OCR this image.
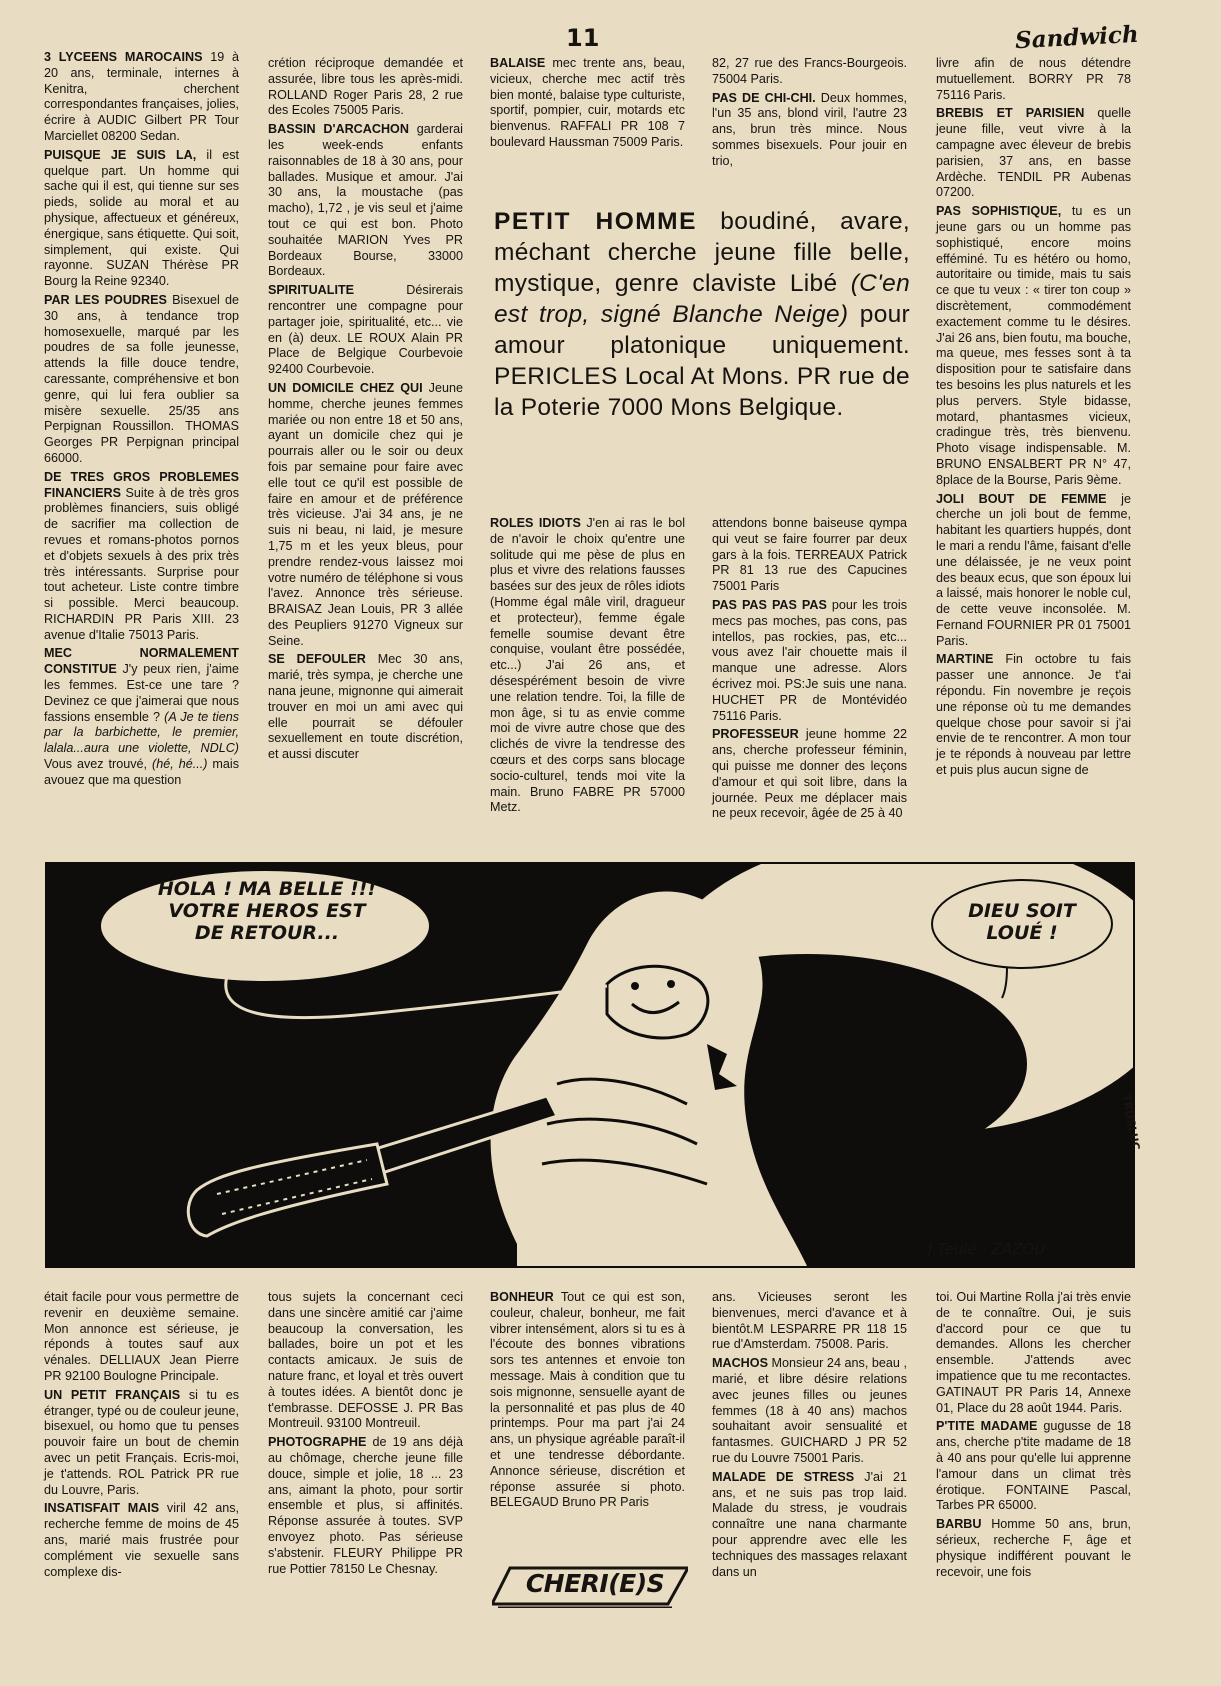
11	Sandwich

3 LYCEENS MAROCAINS 19 à 20 ans, terminale, internes à Kenitra, cherchent correspondantes françaises, jolies, écrire à AUDIC Gilbert PR Tour Marciellet 08200 Sedan.

PUISQUE JE SUIS LA, il est quelque part. Un homme qui sache qui il est, qui tienne sur ses pieds, solide au moral et au physique, affectueux et généreux, énergique, sans étiquette. Qui soit, simplement, qui existe. Qui rayonne. SUZAN Thérèse PR Bourg la Reine 92340.

PAR LES POUDRES Bisexuel de 30 ans, à tendance trop homosexuelle, marqué par les poudres de sa folle jeunesse, attends la fille douce tendre, caressante, compréhensive et bon genre, qui lui fera oublier sa misère sexuelle. 25/35 ans Perpignan Roussillon. THOMAS Georges PR Perpignan principal 66000.

DE TRES GROS PROBLEMES FINANCIERS Suite à de très gros problèmes financiers, suis obligé de sacrifier ma collection de revues et romans-photos pornos et d'objets sexuels à des prix très très intéressants. Surprise pour tout acheteur. Liste contre timbre si possible. Merci beaucoup. RICHARDIN PR Paris XIII. 23 avenue d'Italie 75013 Paris.

MEC NORMALEMENT CONSTITUE J'y peux rien, j'aime les femmes. Est-ce une tare ? Devinez ce que j'aimerai que nous fassions ensemble ? (A Je te tiens par la barbichette, le premier, lalala...aura une violette, NDLC) Vous avez trouvé, (hé, hé...) mais avouez que ma question

crétion réciproque demandée et assurée, libre tous les après-midi. ROLLAND Roger Paris 28, 2 rue des Ecoles 75005 Paris.

BASSIN D'ARCACHON garderai les week-ends enfants raisonnables de 18 à 30 ans, pour ballades. Musique et amour. J'ai 30 ans, la moustache (pas macho), 1,72 , je vis seul et j'aime tout ce qui est bon. Photo souhaitée MARION Yves PR Bordeaux Bourse, 33000 Bordeaux.

SPIRITUALITE Désirerais rencontrer une compagne pour partager joie, spiritualité, etc... vie en (à) deux. LE ROUX Alain PR Place de Belgique Courbevoie 92400 Courbevoie.

UN DOMICILE CHEZ QUI Jeune homme, cherche jeunes femmes mariée ou non entre 18 et 50 ans, ayant un domicile chez qui je pourrais aller ou le soir ou deux fois par semaine pour faire avec elle tout ce qu'il est possible de faire en amour et de préférence très vicieuse. J'ai 34 ans, je ne suis ni beau, ni laid, je mesure 1,75 m et les yeux bleus, pour prendre rendez-vous laissez moi votre numéro de téléphone si vous l'avez. Annonce très sérieuse. BRAISAZ Jean Louis, PR 3 allée des Peupliers 91270 Vigneux sur Seine.

SE DEFOULER Mec 30 ans, marié, très sympa, je cherche une nana jeune, mignonne qui aimerait trouver en moi un ami avec qui elle pourrait se défouler sexuellement en toute discrétion, et aussi discuter

BALAISE mec trente ans, beau, vicieux, cherche mec actif très bien monté, balaise type culturiste, sportif, pompier, cuir, motards etc bienvenus. RAFFALI PR 108 7 boulevard Haussman 75009 Paris.

82, 27 rue des Francs-Bourgeois. 75004 Paris.

PAS DE CHI-CHI. Deux hommes, l'un 35 ans, blond viril, l'autre 23 ans, brun très mince. Nous sommes bisexuels. Pour jouir en trio,

livre afin de nous détendre mutuellement. BORRY PR 78 75116 Paris.

BREBIS ET PARISIEN quelle jeune fille, veut vivre à la campagne avec éleveur de brebis parisien, 37 ans, en basse Ardèche. TENDIL PR Aubenas 07200.

PAS SOPHISTIQUE, tu es un jeune gars ou un homme pas sophistiqué, encore moins efféminé. Tu es hétéro ou homo, autoritaire ou timide, mais tu sais ce que tu veux : « tirer ton coup » discrètement, commodément exactement comme tu le désires. J'ai 26 ans, bien foutu, ma bouche, ma queue, mes fesses sont à ta disposition pour te satisfaire dans tes besoins les plus naturels et les plus pervers. Style bidasse, motard, phantasmes vicieux, cradingue très, très bienvenu. Photo visage indispensable. M. BRUNO ENSALBERT PR N° 47, 8place de la Bourse, Paris 9ème.

JOLI BOUT DE FEMME je cherche un joli bout de femme, habitant les quartiers huppés, dont le mari a rendu l'âme, faisant d'elle une délaissée, je ne veux point des beaux ecus, que son époux lui a laissé, mais honorer le noble cul, de cette veuve inconsolée. M. Fernand FOURNIER PR 01 75001 Paris.

MARTINE Fin octobre tu fais passer une annonce. Je t'ai répondu. Fin novembre je reçois une réponse où tu me demandes quelque chose pour savoir si j'ai envie de te rencontrer. A mon tour je te réponds à nouveau par lettre et puis plus aucun signe de

PETIT HOMME boudiné, avare, méchant cherche jeune fille belle, mystique, genre claviste Libé (C'en est trop, signé Blanche Neige) pour amour platonique uniquement. PERICLES Local At Mons. PR rue de la Poterie 7000 Mons Belgique.

ROLES IDIOTS J'en ai ras le bol de n'avoir le choix qu'entre une solitude qui me pèse de plus en plus et vivre des relations fausses basées sur des jeux de rôles idiots (Homme égal mâle viril, dragueur et protecteur), femme égale femelle soumise devant être conquise, voulant être possédée, etc...) J'ai 26 ans, et désespérément besoin de vivre une relation tendre. Toi, la fille de mon âge, si tu as envie comme moi de vivre autre chose que des clichés de vivre la tendresse des cœurs et des corps sans blocage socio-culturel, tends moi vite la main. Bruno FABRE PR 57000 Metz.

attendons bonne baiseuse qympa qui veut se faire fourrer par deux gars à la fois. TERREAUX Patrick PR 81 13 rue des Capucines 75001 Paris

PAS PAS PAS PAS pour les trois mecs pas moches, pas cons, pas intellos, pas rockies, pas, etc... vous avez l'air chouette mais il manque une adresse. Alors écrivez moi. PS:Je suis une nana. HUCHET PR de Montévidéo 75116 Paris.

PROFESSEUR jeune homme 22 ans, cherche professeur féminin, qui puisse me donner des leçons d'amour et qui soit libre, dans la journée. Peux me déplacer mais ne peux recevoir, âgée de 25 à 40

HOLA ! MA BELLE !!!
VOTRE HEROS EST
DE RETOUR...
DIEU SOIT
LOUÉ !
J.Teulé - ZAZOU
TRUSLUC

était facile pour vous permettre de revenir en deuxième semaine. Mon annonce est sérieuse, je réponds à toutes sauf aux vénales. DELLIAUX Jean Pierre PR 92100 Boulogne Principale.

UN PETIT FRANÇAIS si tu es étranger, typé ou de couleur jeune, bisexuel, ou homo que tu penses pouvoir faire un bout de chemin avec un petit Français. Ecris-moi, je t'attends. ROL Patrick PR rue du Louvre, Paris.

INSATISFAIT MAIS viril 42 ans, recherche femme de moins de 45 ans, marié mais frustrée pour complément vie sexuelle sans complexe dis-

tous sujets la concernant ceci dans une sincère amitié car j'aime beaucoup la conversation, les ballades, boire un pot et les contacts amicaux. Je suis de nature franc, et loyal et très ouvert à toutes idées. A bientôt donc je t'embrasse. DEFOSSE J. PR Bas Montreuil. 93100 Montreuil.

PHOTOGRAPHE de 19 ans déjà au chômage, cherche jeune fille douce, simple et jolie, 18 ... 23 ans, aimant la photo, pour sortir ensemble et plus, si affinités. Réponse assurée à toutes. SVP envoyez photo. Pas sérieuse s'abstenir. FLEURY Philippe PR rue Pottier 78150 Le Chesnay.

BONHEUR Tout ce qui est son, couleur, chaleur, bonheur, me fait vibrer intensément, alors si tu es à l'écoute des bonnes vibrations sors tes antennes et envoie ton message. Mais à condition que tu sois mignonne, sensuelle ayant de la personnalité et pas plus de 40 printemps. Pour ma part j'ai 24 ans, un physique agréable paraît-il et une tendresse débordante. Annonce sérieuse, discrétion et réponse assurée si photo. BELEGAUD Bruno PR Paris

ans. Vicieuses seront les bienvenues, merci d'avance et à bientôt.M LESPARRE PR 118 15 rue d'Amsterdam. 75008. Paris.

MACHOS Monsieur 24 ans, beau , marié, et libre désire relations avec jeunes filles ou jeunes femmes (18 à 40 ans) machos souhaitant avoir sensualité et fantasmes. GUICHARD J PR 52 rue du Louvre 75001 Paris.

MALADE DE STRESS J'ai 21 ans, et ne suis pas trop laid. Malade du stress, je voudrais connaître une nana charmante pour apprendre avec elle les techniques des massages relaxant dans un

toi. Oui Martine Rolla j'ai très envie de te connaître. Oui, je suis d'accord pour ce que tu demandes. Allons les chercher ensemble. J'attends avec impatience que tu me recontactes. GATINAUT PR Paris 14, Annexe 01, Place du 28 août 1944. Paris.

P'TITE MADAME gugusse de 18 ans, cherche p'tite madame de 18 à 40 ans pour qu'elle lui apprenne l'amour dans un climat très érotique. FONTAINE Pascal, Tarbes PR 65000.

BARBU Homme 50 ans, brun, sérieux, recherche F, âge et physique indifférent pouvant le recevoir, une fois

CHERI(E)S
